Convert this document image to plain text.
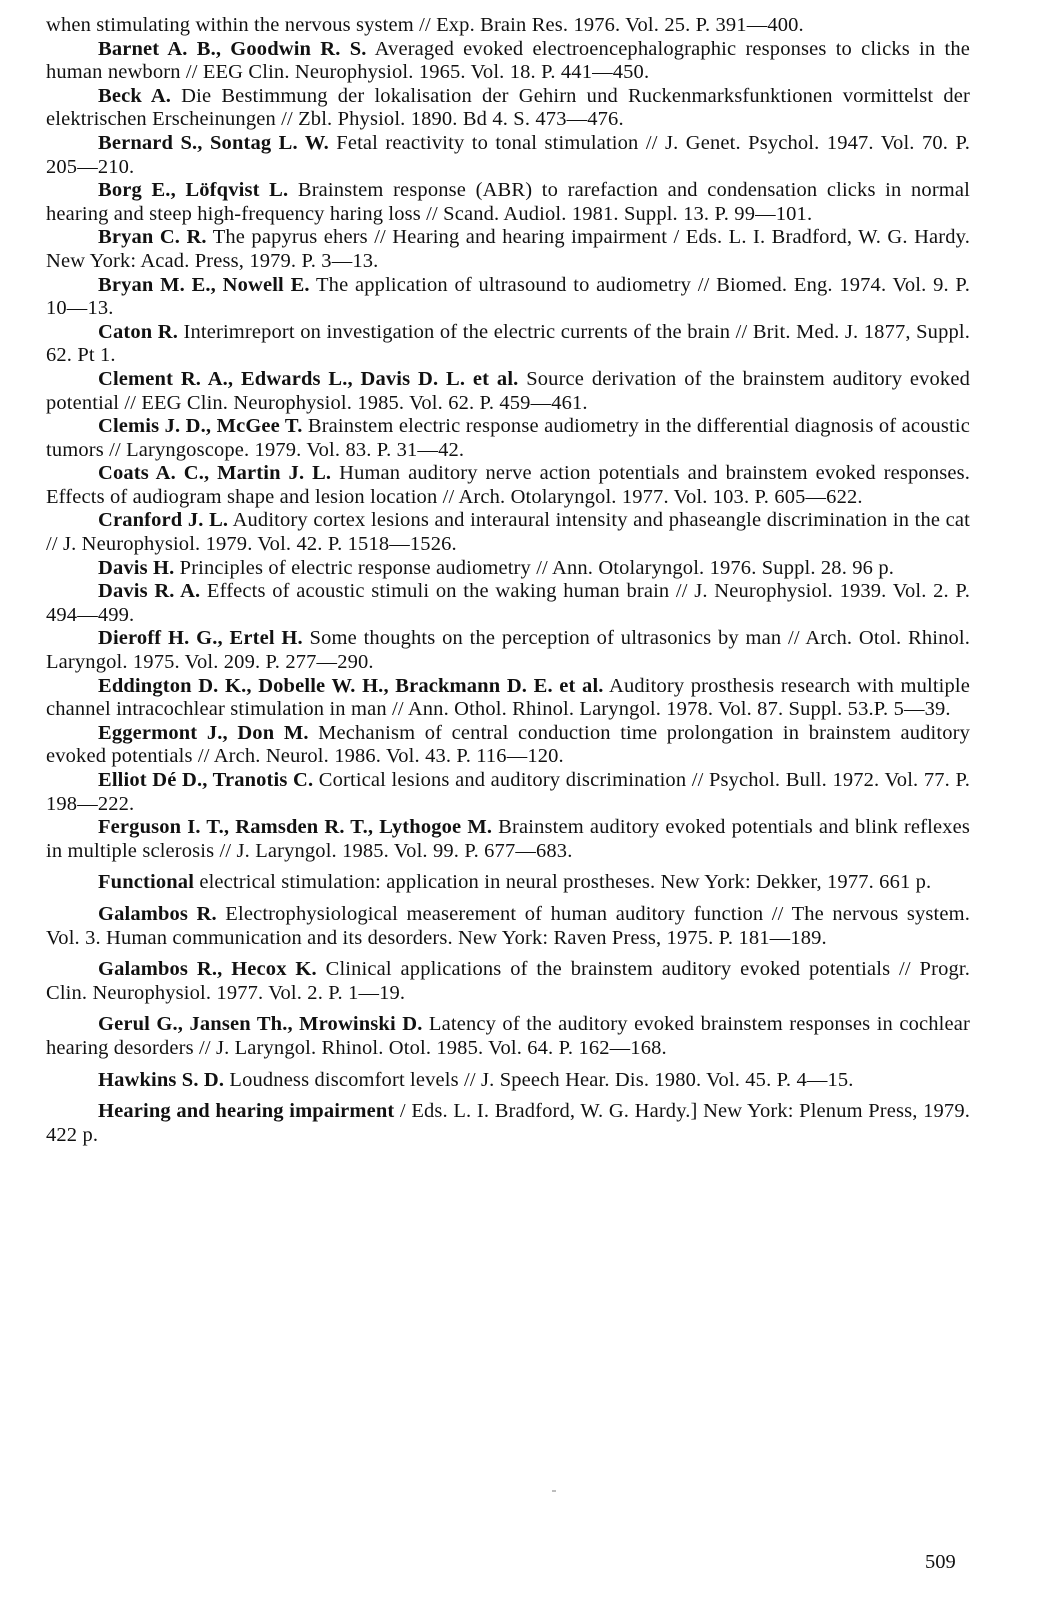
when stimulating within the nervous system // Exp. Brain Res. 1976. Vol. 25. P. 391—400.

Barnet A. B., Goodwin R. S. Averaged evoked electroencephalographic responses to clicks in the human newborn // EEG Clin. Neurophysiol. 1965. Vol. 18. P. 441—450.

Beck A. Die Bestimmung der lokalisation der Gehirn und Ruckenmarksfunktionen vormittelst der elektrischen Erscheinungen // Zbl. Physiol. 1890. Bd 4. S. 473—476.

Bernard S., Sontag L. W. Fetal reactivity to tonal stimulation // J. Genet. Psychol. 1947. Vol. 70. P. 205—210.

Borg E., Löfqvist L. Brainstem response (ABR) to rarefaction and condensation clicks in normal hearing and steep high-frequency haring loss // Scand. Audiol. 1981. Suppl. 13. P. 99—101.

Bryan C. R. The papyrus ehers // Hearing and hearing impairment / Eds. L. I. Bradford, W. G. Hardy. New York: Acad. Press, 1979. P. 3—13.

Bryan M. E., Nowell E. The application of ultrasound to audiometry // Biomed. Eng. 1974. Vol. 9. P. 10—13.

Caton R. Interimreport on investigation of the electric currents of the brain // Brit. Med. J. 1877, Suppl. 62. Pt 1.

Clement R. A., Edwards L., Davis D. L. et al. Source derivation of the brainstem auditory evoked potential // EEG Clin. Neurophysiol. 1985. Vol. 62. P. 459—461.

Clemis J. D., McGee T. Brainstem electric response audiometry in the differential diagnosis of acoustic tumors // Laryngoscope. 1979. Vol. 83. P. 31—42.

Coats A. C., Martin J. L. Human auditory nerve action potentials and brainstem evoked responses. Effects of audiogram shape and lesion location // Arch. Otolaryngol. 1977. Vol. 103. P. 605—622.

Cranford J. L. Auditory cortex lesions and interaural intensity and phaseangle discrimination in the cat // J. Neurophysiol. 1979. Vol. 42. P. 1518—1526.

Davis H. Principles of electric response audiometry // Ann. Otolaryngol. 1976. Suppl. 28. 96 p.

Davis R. A. Effects of acoustic stimuli on the waking human brain // J. Neurophysiol. 1939. Vol. 2. P. 494—499.

Dieroff H. G., Ertel H. Some thoughts on the perception of ultrasonics by man // Arch. Otol. Rhinol. Laryngol. 1975. Vol. 209. P. 277—290.

Eddington D. K., Dobelle W. H., Brackmann D. E. et al. Auditory prosthesis research with multiple channel intracochlear stimulation in man // Ann. Othol. Rhinol. Laryngol. 1978. Vol. 87. Suppl. 53.P. 5—39.

Eggermont J., Don M. Mechanism of central conduction time prolongation in brainstem auditory evoked potentials // Arch. Neurol. 1986. Vol. 43. P. 116—120.

Elliot Dé D., Tranotis C. Cortical lesions and auditory discrimination // Psychol. Bull. 1972. Vol. 77. P. 198—222.

Ferguson I. T., Ramsden R. T., Lythogoe M. Brainstem auditory evoked potentials and blink reflexes in multiple sclerosis // J. Laryngol. 1985. Vol. 99. P. 677—683.

Functional electrical stimulation: application in neural prostheses. New York: Dekker, 1977. 661 p.

Galambos R. Electrophysiological measerement of human auditory function // The nervous system. Vol. 3. Human communication and its desorders. New York: Raven Press, 1975. P. 181—189.

Galambos R., Hecox K. Clinical applications of the brainstem auditory evoked potentials // Progr. Clin. Neurophysiol. 1977. Vol. 2. P. 1—19.

Gerul G., Jansen Th., Mrowinski D. Latency of the auditory evoked brainstem responses in cochlear hearing desorders // J. Laryngol. Rhinol. Otol. 1985. Vol. 64. P. 162—168.

Hawkins S. D. Loudness discomfort levels // J. Speech Hear. Dis. 1980. Vol. 45. P. 4—15.

Hearing and hearing impairment / Eds. L. I. Bradford, W. G. Hardy.] New York: Plenum Press, 1979. 422 p.

509
